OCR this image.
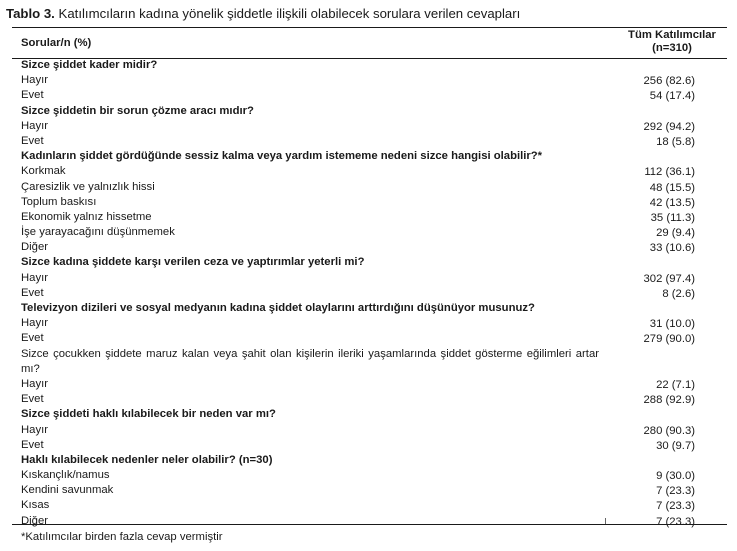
Tablo 3. Katılımcıların kadına yönelik şiddetle ilişkili olabilecek sorulara verilen cevapları
Sorular/n (%)
Tüm Katılımcılar
(n=310)
Sizce şiddet kader midir?
Hayır	256 (82.6)
Evet	54 (17.4)
Sizce şiddetin bir sorun çözme aracı mıdır?
Hayır	292 (94.2)
Evet	18 (5.8)
Kadınların şiddet gördüğünde sessiz kalma veya yardım istememe nedeni sizce hangisi olabilir?*
Korkmak	112 (36.1)
Çaresizlik ve yalnızlık hissi	48 (15.5)
Toplum baskısı	42 (13.5)
Ekonomik yalnız hissetme	35 (11.3)
İşe yarayacağını düşünmemek	29 (9.4)
Diğer	33 (10.6)
Sizce kadına şiddete karşı verilen ceza ve yaptırımlar yeterli mi?
Hayır	302 (97.4)
Evet	8 (2.6)
Televizyon dizileri ve sosyal medyanın kadına şiddet olaylarını arttırdığını düşünüyor musunuz?
Hayır	31 (10.0)
Evet	279 (90.0)
Sizce çocukken şiddete maruz kalan veya şahit olan kişilerin ileriki yaşamlarında şiddet gösterme eğilimleri artar mı?
Hayır	22 (7.1)
Evet	288 (92.9)
Sizce şiddeti haklı kılabilecek bir neden var mı?
Hayır	280 (90.3)
Evet	30 (9.7)
Haklı kılabilecek nedenler neler olabilir? (n=30)
Kıskançlık/namus	9 (30.0)
Kendini savunmak	7 (23.3)
Kısas	7 (23.3)
Diğer	7 (23.3)
*Katılımcılar birden fazla cevap vermiştir
